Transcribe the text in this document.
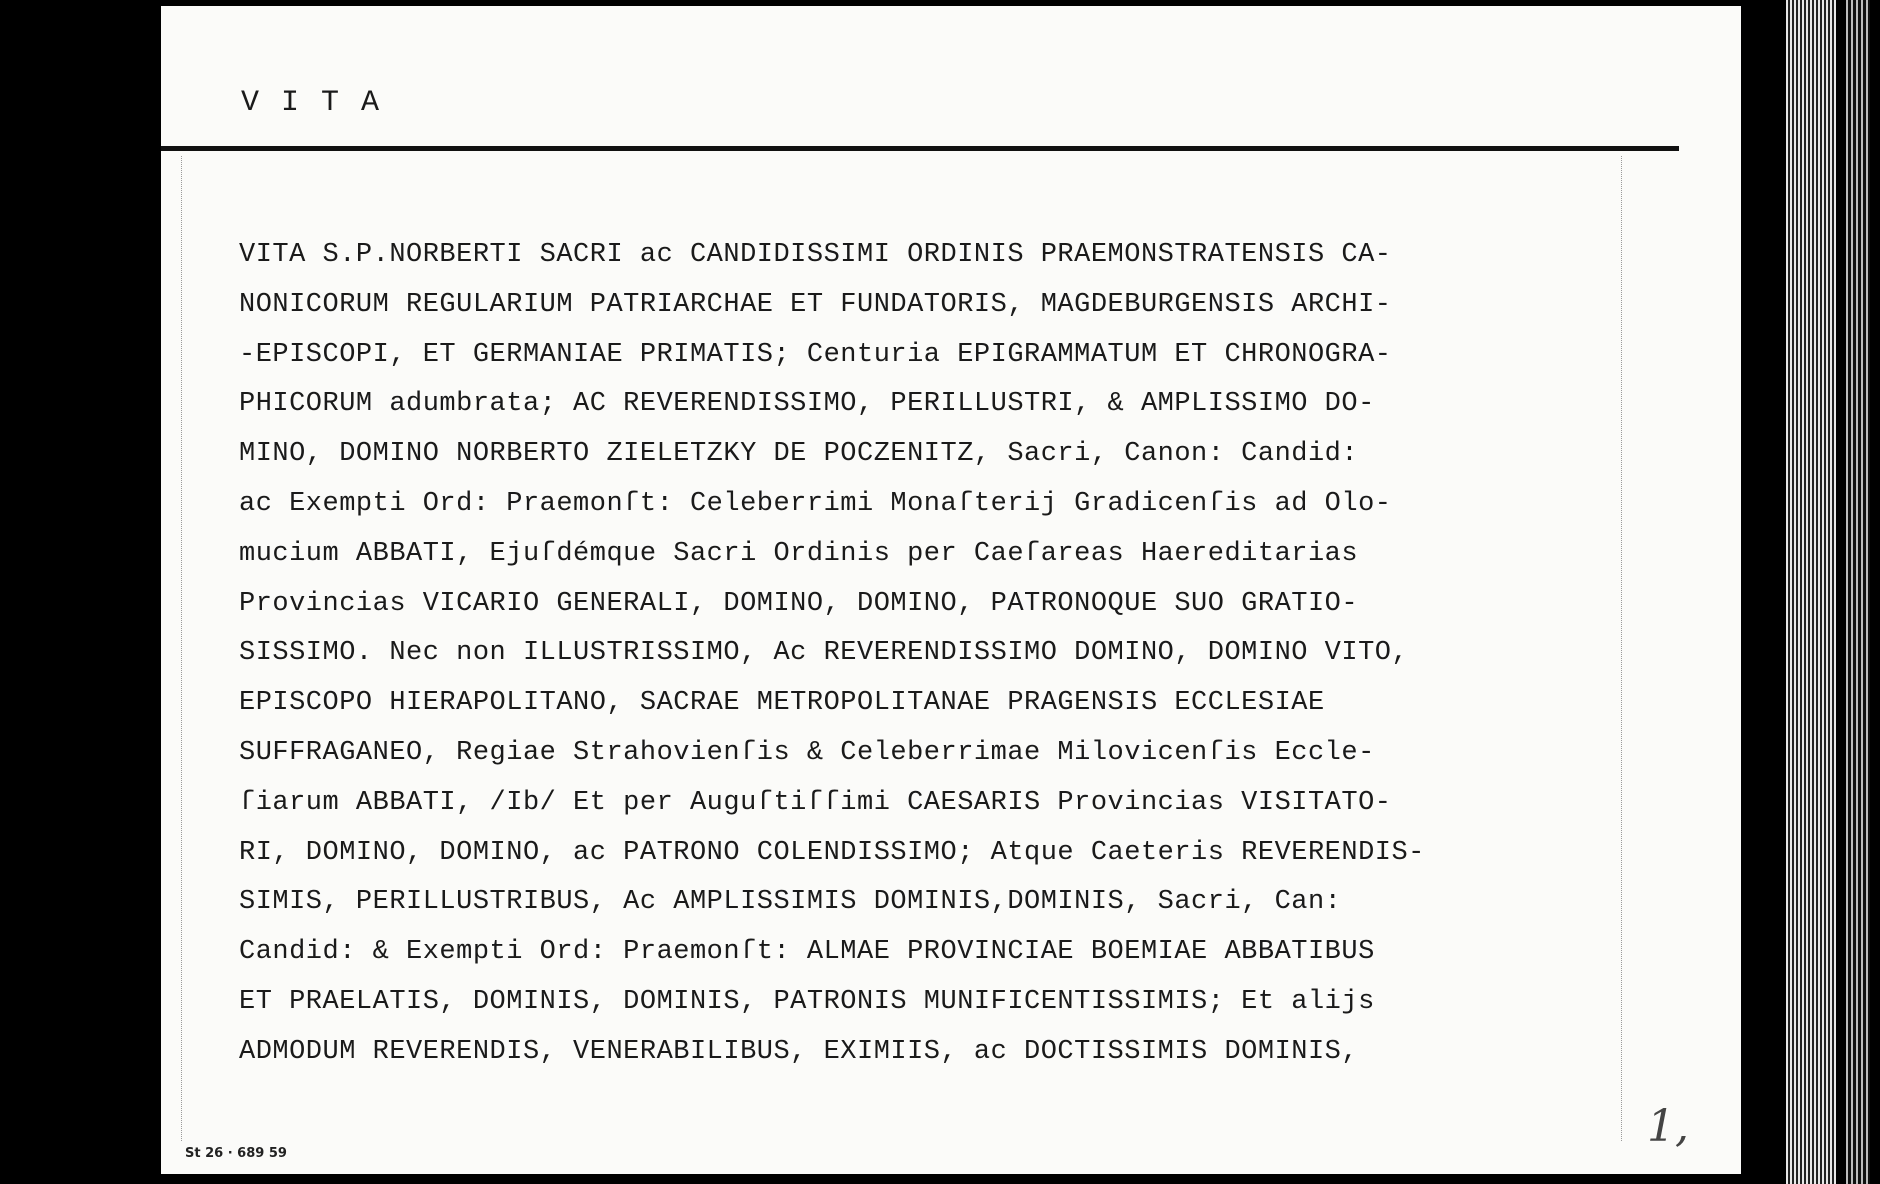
VITA
VITA S.P.NORBERTI SACRI ac CANDIDISSIMI ORDINIS PRAEMONSTRATENSIS CA-
NONICORUM REGULARIUM PATRIARCHAE ET FUNDATORIS, MAGDEBURGENSIS ARCHI-
-EPISCOPI, ET GERMANIAE PRIMATIS; Centuria EPIGRAMMATUM ET CHRONOGRA-
PHICORUM adumbrata; AC REVERENDISSIMO, PERILLUSTRI, & AMPLISSIMO DO-
MINO, DOMINO NORBERTO ZIELETZKY DE POCZENITZ, Sacri, Canon: Candid:
ac Exempti Ord: Praemonſt: Celeberrimi Monaſterij Gradicenſis ad Olo-
mucium ABBATI, Ejuſdémque Sacri Ordinis per Caeſareas Haereditarias
Provincias VICARIO GENERALI, DOMINO, DOMINO, PATRONOQUE SUO GRATIO-
SISSIMO. Nec non ILLUSTRISSIMO, Ac REVERENDISSIMO DOMINO, DOMINO VITO,
EPISCOPO HIERAPOLITANO, SACRAE METROPOLITANAE PRAGENSIS ECCLESIAE
SUFFRAGANEO, Regiae Strahovienſis & Celeberrimae Milovicenſis Eccle-
ſiarum ABBATI, /Ib/ Et per Auguſtiſſimi CAESARIS Provincias VISITATO-
RI, DOMINO, DOMINO, ac PATRONO COLENDISSIMO; Atque Caeteris REVERENDIS-
SIMIS, PERILLUSTRIBUS, Ac AMPLISSIMIS DOMINIS,DOMINIS, Sacri, Can:
Candid: & Exempti Ord: Praemonſt: ALMAE PROVINCIAE BOEMIAE ABBATIBUS
ET PRAELATIS, DOMINIS, DOMINIS, PATRONIS MUNIFICENTISSIMIS; Et alijs
ADMODUM REVERENDIS, VENERABILIBUS, EXIMIIS, ac DOCTISSIMIS DOMINIS,
St 26 · 689 59
1,
